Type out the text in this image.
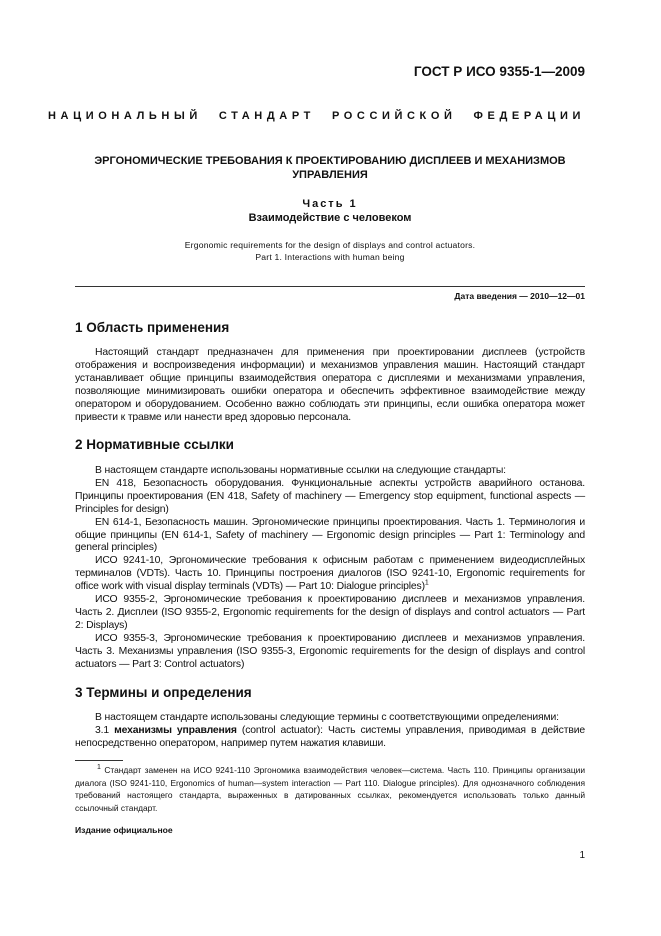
ГОСТ Р ИСО 9355-1—2009
НАЦИОНАЛЬНЫЙ СТАНДАРТ РОССИЙСКОЙ ФЕДЕРАЦИИ
ЭРГОНОМИЧЕСКИЕ ТРЕБОВАНИЯ К ПРОЕКТИРОВАНИЮ ДИСПЛЕЕВ И МЕХАНИЗМОВ УПРАВЛЕНИЯ
Часть 1
Взаимодействие с человеком
Ergonomic requirements for the design of displays and control actuators.
Part 1. Interactions with human being
Дата введения — 2010—12—01
1 Область применения

Настоящий стандарт предназначен для применения при проектировании дисплеев (устройств отображения и воспроизведения информации) и механизмов управления машин. Настоящий стандарт устанавливает общие принципы взаимодействия оператора с дисплеями и механизмами управления, позволяющие минимизировать ошибки оператора и обеспечить эффективное взаимодействие между оператором и оборудованием. Особенно важно соблюдать эти принципы, если ошибка оператора может привести к травме или нанести вред здоровью персонала.

2 Нормативные ссылки

В настоящем стандарте использованы нормативные ссылки на следующие стандарты:

EN 418, Безопасность оборудования. Функциональные аспекты устройств аварийного останова. Принципы проектирования (EN 418, Safety of machinery — Emergency stop equipment, functional aspects — Principles for design)

EN 614-1, Безопасность машин. Эргономические принципы проектирования. Часть 1. Терминология и общие принципы (EN 614-1, Safety of machinery — Ergonomic design principles — Part 1: Terminology and general principles)

ИСО 9241-10, Эргономические требования к офисным работам с применением видеодисплейных терминалов (VDTs). Часть 10. Принципы построения диалогов (ISO 9241-10, Ergonomic requirements for office work with visual display terminals (VDTs) — Part 10: Dialogue principles)$^1$

ИСО 9355-2, Эргономические требования к проектированию дисплеев и механизмов управления. Часть 2. Дисплеи (ISO 9355-2, Ergonomic requirements for the design of displays and control actuators — Part 2: Displays)

ИСО 9355-3, Эргономические требования к проектированию дисплеев и механизмов управления. Часть 3. Механизмы управления (ISO 9355-3, Ergonomic requirements for the design of displays and control actuators — Part 3: Control actuators)

3 Термины и определения

В настоящем стандарте использованы следующие термины с соответствующими определениями:

3.1 механизмы управления (control actuator): Часть системы управления, приводимая в действие непосредственно оператором, например путем нажатия клавиши.

$^1$ Стандарт заменен на ИСО 9241-110 Эргономика взаимодействия человек—система. Часть 110. Принципы организации диалога (ISO 9241-110, Ergonomics of human—system interaction — Part 110. Dialogue principles). Для однозначного соблюдения требований настоящего стандарта, выраженных в датированных ссылках, рекомендуется использовать только данный ссылочный стандарт.

Издание официальное
1
